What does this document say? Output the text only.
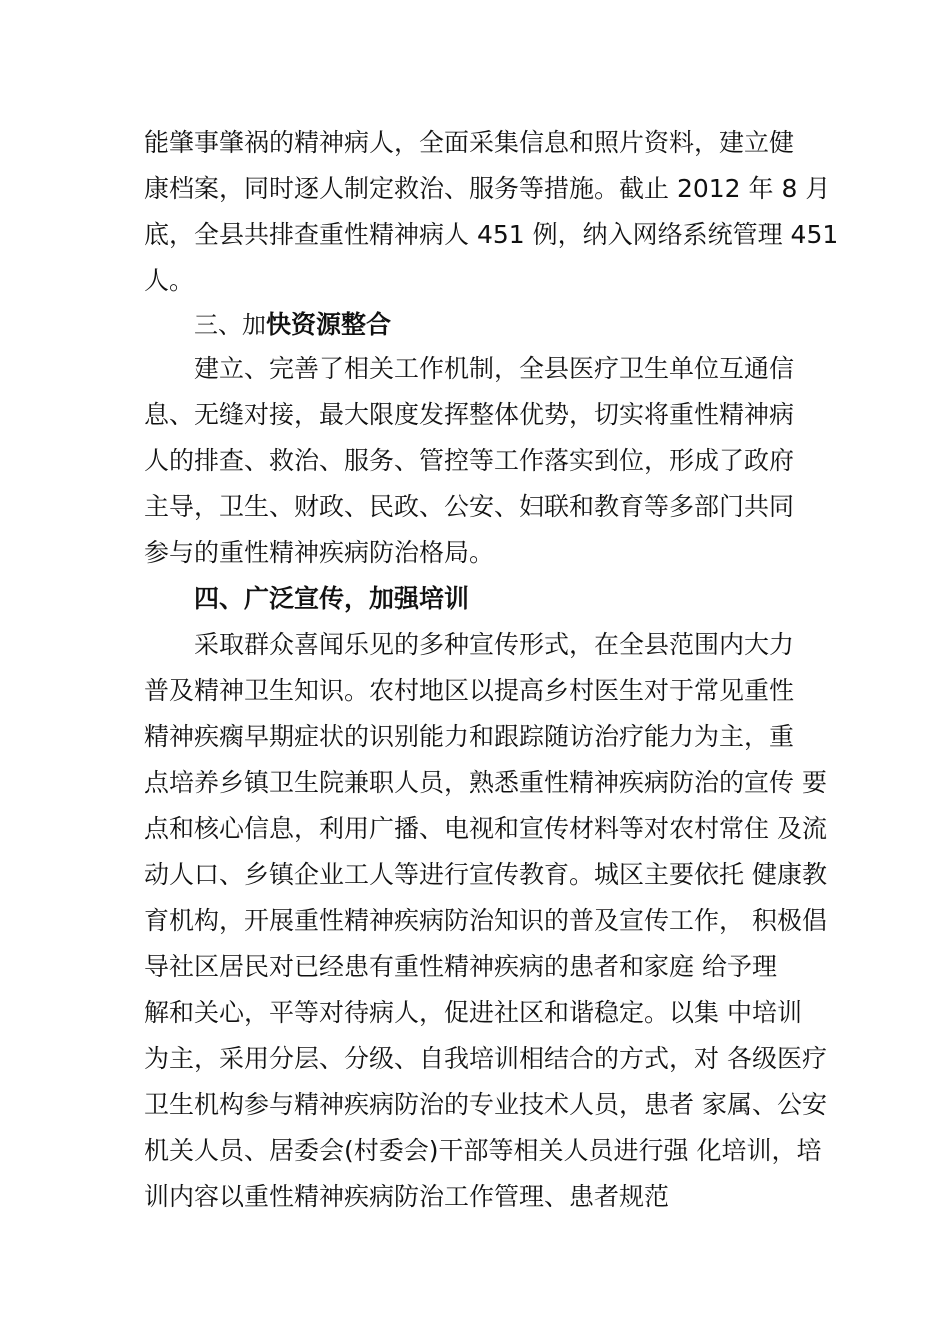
能肇事肇祸的精神病人，全面采集信息和照片资料，建立健
康档案，同时逐人制定救治、服务等措施。截止 2012 年 8 月
底，全县共排查重性精神病人 451 例，纳入网络系统管理 451
人。
三、加快资源整合
建立、完善了相关工作机制，全县医疗卫生单位互通信
息、无缝对接，最大限度发挥整体优势，切实将重性精神病
人的排查、救治、服务、管控等工作落实到位，形成了政府
主导，卫生、财政、民政、公安、妇联和教育等多部门共同
参与的重性精神疾病防治格局。
四、广泛宣传，加强培训
采取群众喜闻乐见的多种宣传形式，在全县范围内大力
普及精神卫生知识。农村地区以提高乡村医生对于常见重性
精神疾瘸早期症状的识别能力和跟踪随访治疗能力为主，重
点培养乡镇卫生院兼职人员，熟悉重性精神疾病防治的宣传 要
点和核心信息，利用广播、电视和宣传材料等对农村常住 及流
动人口、乡镇企业工人等进行宣传教育。城区主要依托 健康教
育机构，开展重性精神疾病防治知识的普及宣传工作， 积极倡
导社区居民对已经患有重性精神疾病的患者和家庭 给予理
解和关心，平等对待病人，促进社区和谐稳定。以集 中培训
为主，采用分层、分级、自我培训相结合的方式，对 各级医疗
卫生机构参与精神疾病防治的专业技术人员，患者 家属、公安
机关人员、居委会(村委会)干部等相关人员进行强 化培训，培
训内容以重性精神疾病防治工作管理、患者规范
